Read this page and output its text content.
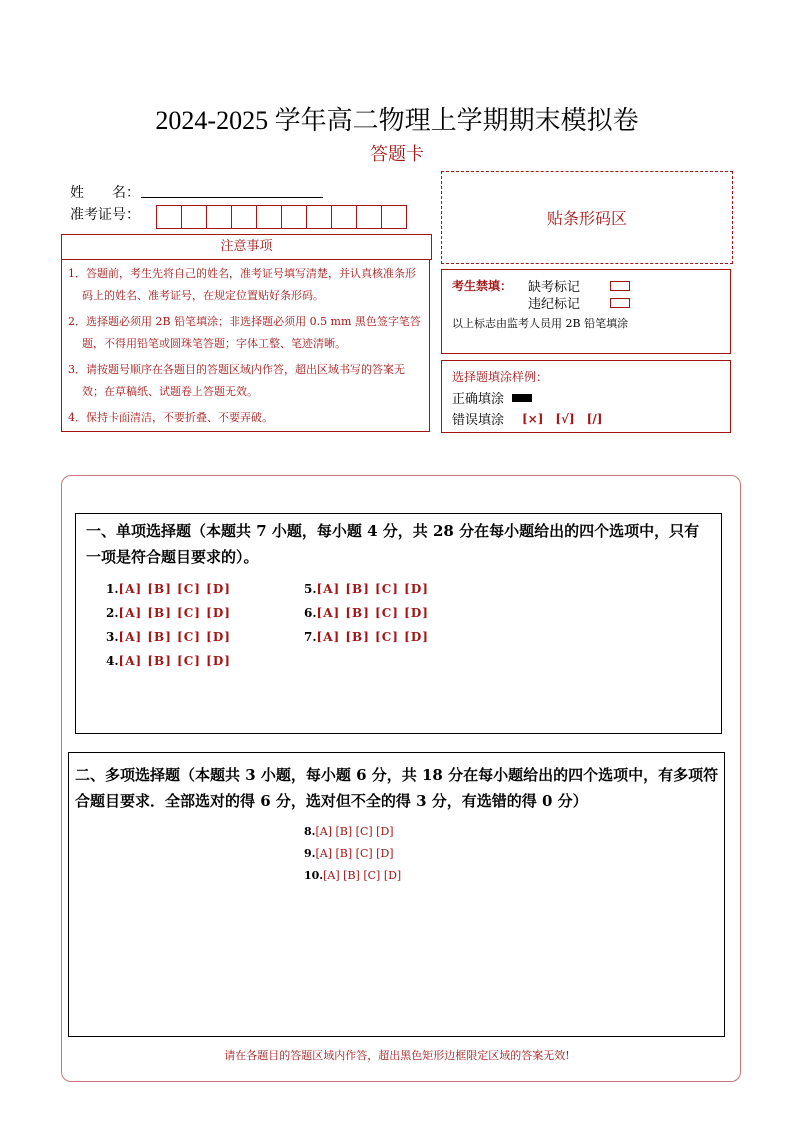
2024-2025 学年高二物理上学期期末模拟卷
答题卡
姓　　名：
准考证号：
注意事项

1．答题前，考生先将自己的姓名，准考证号填写清楚，并认真核准条形码上的姓名、准考证号，在规定位置贴好条形码。

2．选择题必须用 2B 铅笔填涂；非选择题必须用 0.5 mm 黑色签字笔答题，不得用铅笔或圆珠笔答题；字体工整、笔迹清晰。

3．请按题号顺序在各题目的答题区域内作答，超出区域书写的答案无效；在草稿纸、试题卷上答题无效。

4．保持卡面清洁，不要折叠、不要弄破。

贴条形码区
考生禁填： 缺考标记
违纪标记
以上标志由监考人员用 2B 铅笔填涂
选择题填涂样例：
正确填涂
错误填涂 [×]　[√]　[/]
一、单项选择题（本题共 7 小题，每小题 4 分，共 28 分在每小题给出的四个选项中，只有一项是符合题目要求的）。
1.[A] [B] [C] [D]
2.[A] [B] [C] [D]
3.[A] [B] [C] [D]
4.[A] [B] [C] [D]
5.[A] [B] [C] [D]
6.[A] [B] [C] [D]
7.[A] [B] [C] [D]
二、多项选择题（本题共 3 小题，每小题 6 分，共 18 分在每小题给出的四个选项中，有多项符合题目要求．全部选对的得 6 分，选对但不全的得 3 分，有选错的得 0 分）
8.[A] [B] [C] [D]
9.[A] [B] [C] [D]
10.[A] [B] [C] [D]
请在各题目的答题区域内作答，超出黑色矩形边框限定区域的答案无效!
